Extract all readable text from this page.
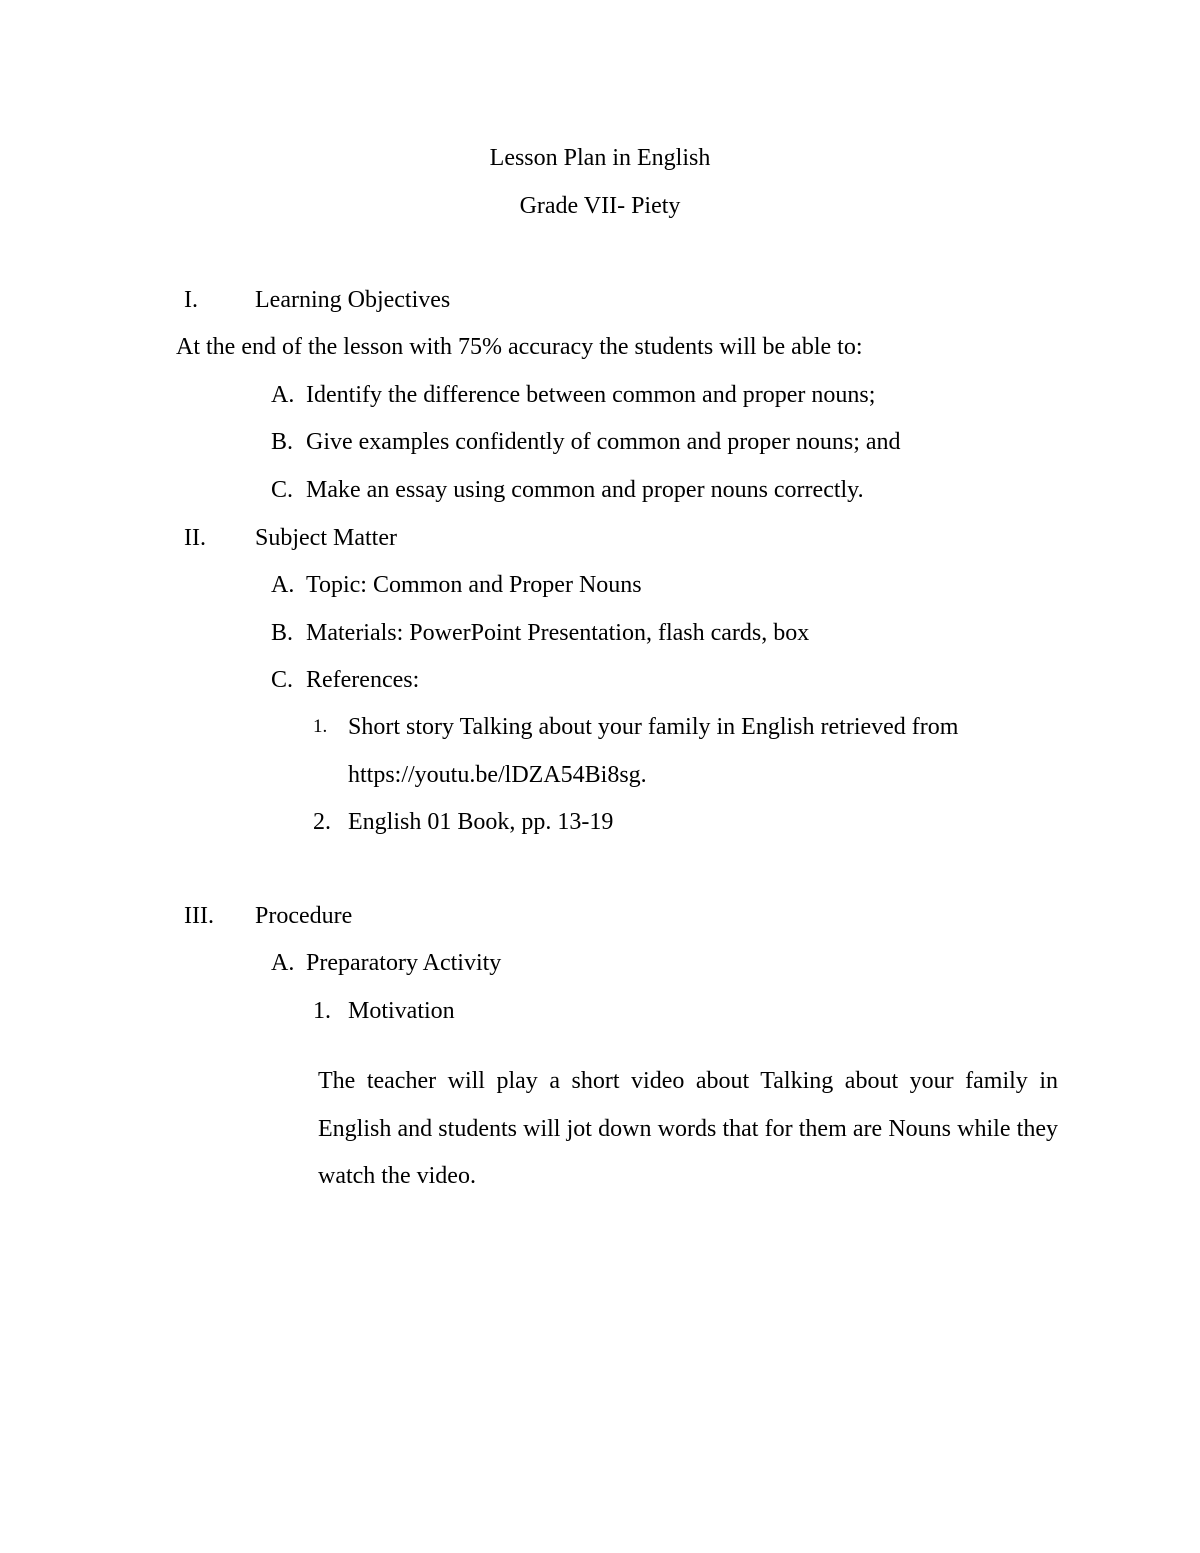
Lesson Plan in English
Grade VII- Piety
I. Learning Objectives
At the end of the lesson with 75% accuracy the students will be able to:
A. Identify the difference between common and proper nouns;
B. Give examples confidently of common and proper nouns; and
C. Make an essay using common and proper nouns correctly.
II. Subject Matter
A. Topic: Common and Proper Nouns
B. Materials: PowerPoint Presentation, flash cards, box
C. References:
1. Short story Talking about your family in English retrieved from
https://youtu.be/lDZA54Bi8sg.
2. English 01 Book, pp. 13-19
III. Procedure
A. Preparatory Activity
1. Motivation
The teacher will play a short video about Talking about your family in English and students will jot down words that for them are Nouns while they watch the video.
